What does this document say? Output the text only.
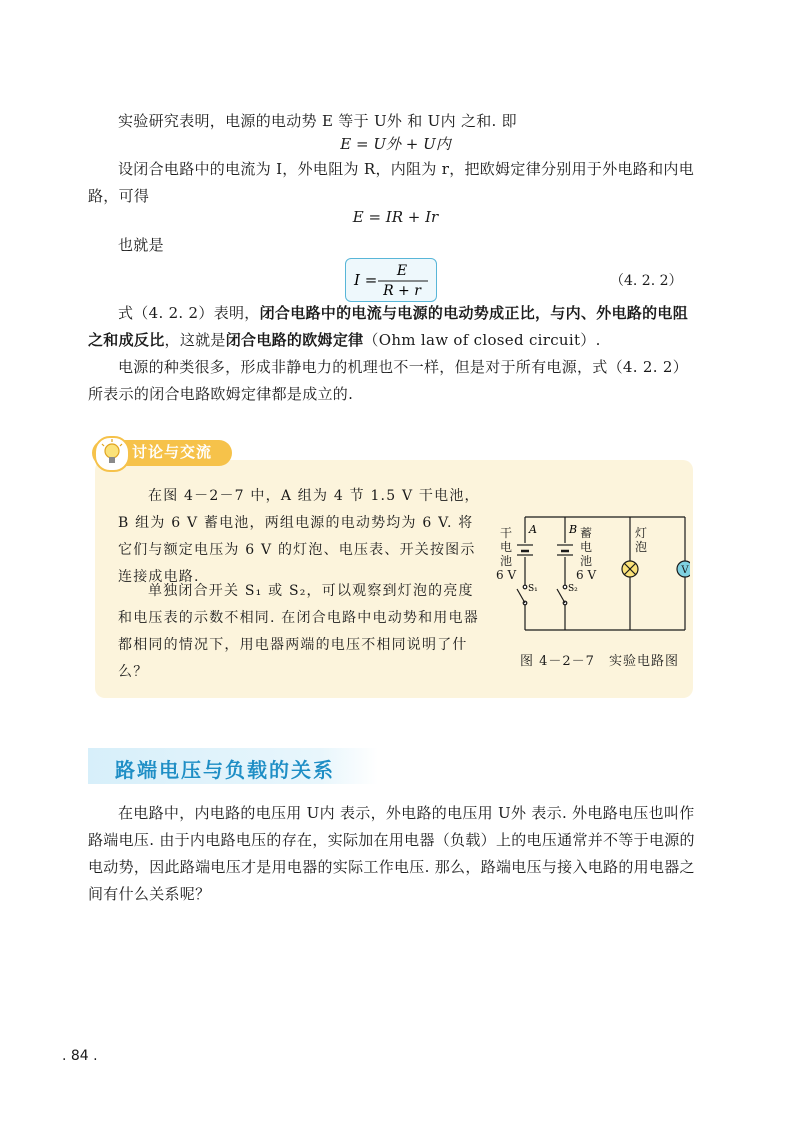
实验研究表明，电源的电动势 E 等于 U外 和 U内 之和. 即
E = U外 + U内
设闭合电路中的电流为 I，外电阻为 R，内阻为 r，把欧姆定律分别用于外电路和内电路，可得
E = IR + Ir
也就是
I = E
R + r
（4. 2. 2）
式（4. 2. 2）表明，闭合电路中的电流与电源的电动势成正比，与内、外电路的电阻之和成反比，这就是闭合电路的欧姆定律（Ohm law of closed circuit）.
电源的种类很多，形成非静电力的机理也不一样，但是对于所有电源，式（4. 2. 2）所表示的闭合电路欧姆定律都是成立的.
讨论与交流
在图 4－2－7 中，A 组为 4 节 1.5 V 干电池，B 组为 6 V 蓄电池，两组电源的电动势均为 6 V. 将它们与额定电压为 6 V 的灯泡、电压表、开关按图示连接成电路.
单独闭合开关 S₁ 或 S₂，可以观察到灯泡的亮度和电压表的示数不相同. 在闭合电路中电动势和用电器都相同的情况下，用电器两端的电压不相同说明了什么？
V
A	B
S₁	S₂
干
电
池
6 V
蓄
电
池
6 V
灯
泡
图 4－2－7　实验电路图
路端电压与负载的关系
在电路中，内电路的电压用 U内 表示，外电路的电压用 U外 表示. 外电路电压也叫作路端电压. 由于内电路电压的存在，实际加在用电器（负载）上的电压通常并不等于电源的电动势，因此路端电压才是用电器的实际工作电压. 那么，路端电压与接入电路的用电器之间有什么关系呢？
. 84 .
